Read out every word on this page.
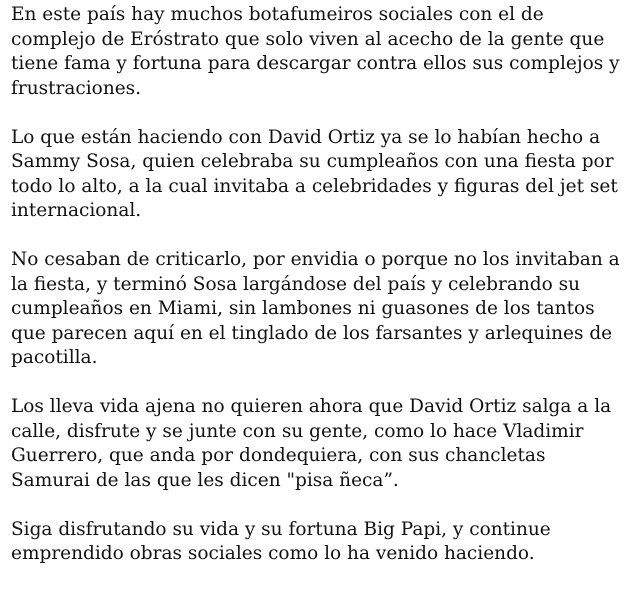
En este país hay muchos botafumeiros sociales con el de complejo de Eróstrato que solo viven al acecho de la gente que tiene fama y fortuna para descargar contra ellos sus complejos y frustraciones.

Lo que están haciendo con David Ortiz ya se lo habían hecho a Sammy Sosa, quien celebraba su cumpleaños con una fiesta por todo lo alto, a la cual invitaba a celebridades y figuras del jet set internacional.

No cesaban de criticarlo, por envidia o porque no los invitaban a la fiesta, y terminó Sosa largándose del país y celebrando su cumpleaños en Miami, sin lambones ni guasones de los tantos que parecen aquí en el tinglado de los farsantes y arlequines de pacotilla.

Los lleva vida ajena no quieren ahora que David Ortiz salga a la calle, disfrute y se junte con su gente, como lo hace Vladimir Guerrero, que anda por dondequiera, con sus chancletas Samurai de las que les dicen "pisa ñeca”.

Siga disfrutando su vida y su fortuna Big Papi, y continue emprendido obras sociales como lo ha venido haciendo.
